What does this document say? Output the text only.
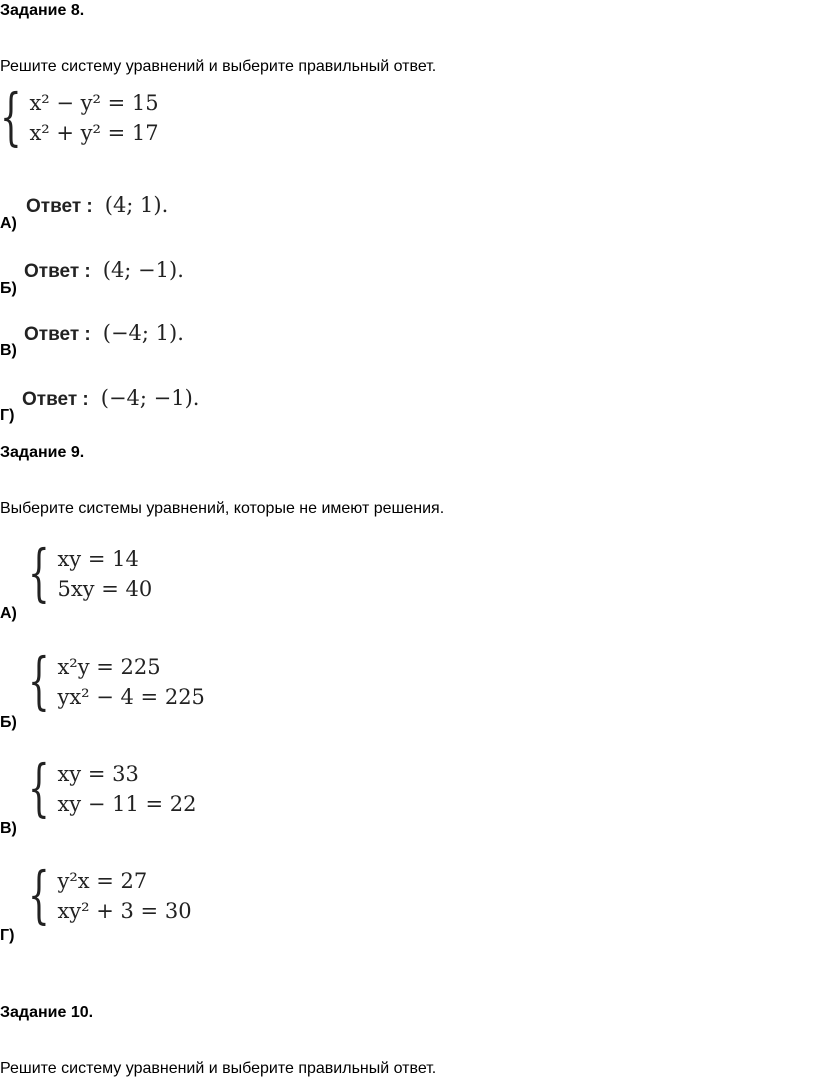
Задание 8.
Решите систему уравнений и выберите правильный ответ.
{ x² − y² = 15
x² + y² = 17
Ответ : (4; 1).
А)
Ответ : (4; −1).
Б)
Ответ : (−4; 1).
В)
Ответ : (−4; −1).
Г)
Задание 9.
Выберите системы уравнений, которые не имеют решения.
{ xy = 14
5xy = 40
А)
{ x²y = 225
yx² − 4 = 225
Б)
{ xy = 33
xy − 11 = 22
В)
{ y²x = 27
xy² + 3 = 30
Г)
Задание 10.
Решите систему уравнений и выберите правильный ответ.
